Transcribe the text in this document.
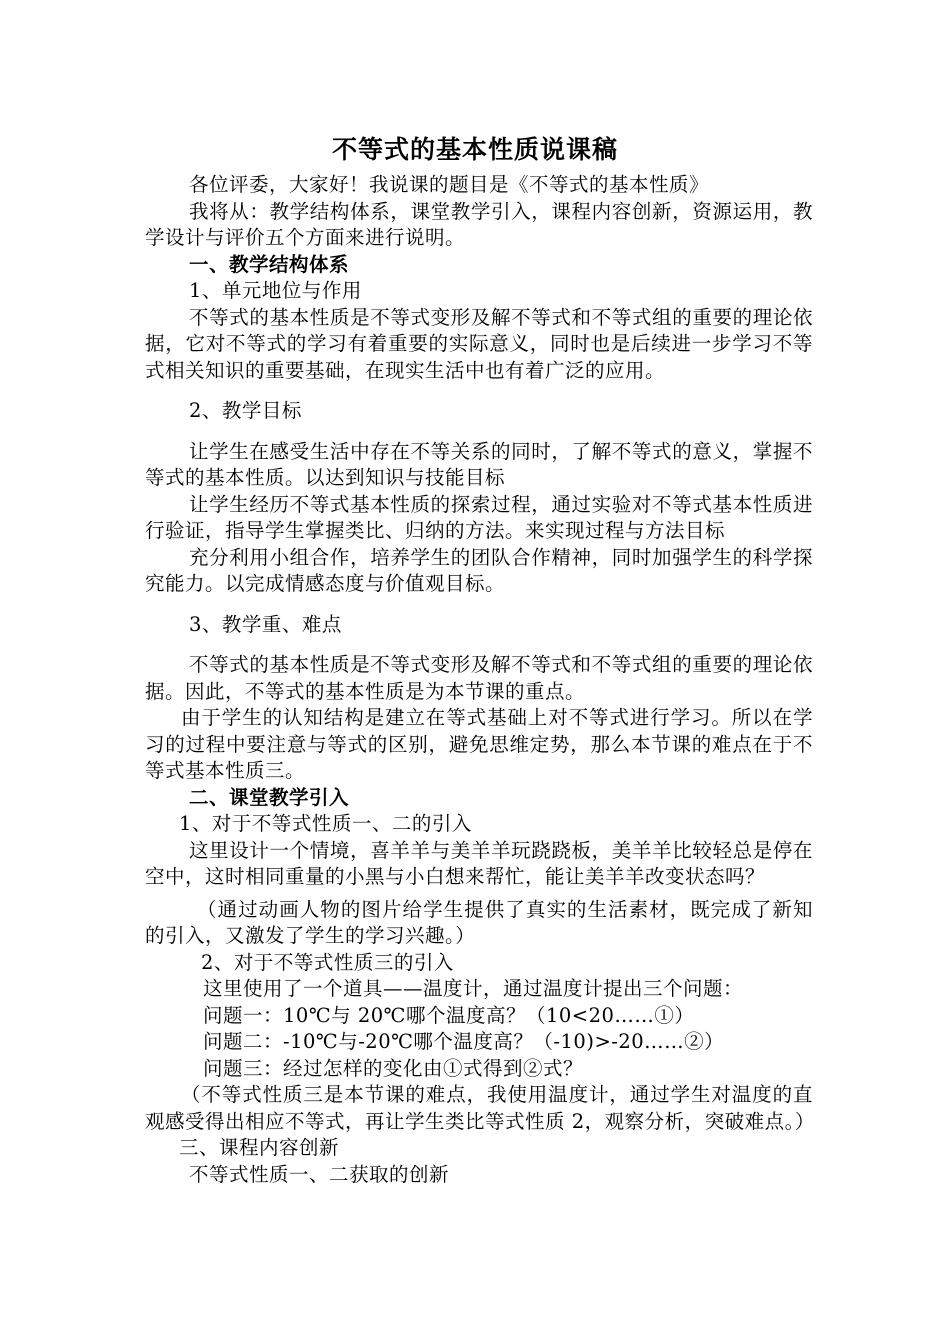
不等式的基本性质说课稿

各位评委，大家好！我说课的题目是《不等式的基本性质》

我将从：教学结构体系，课堂教学引入，课程内容创新，资源运用，教学设计与评价五个方面来进行说明。

一、教学结构体系

1、单元地位与作用

不等式的基本性质是不等式变形及解不等式和不等式组的重要的理论依据，它对不等式的学习有着重要的实际意义，同时也是后续进一步学习不等式相关知识的重要基础，在现实生活中也有着广泛的应用。

2、教学目标

让学生在感受生活中存在不等关系的同时，了解不等式的意义，掌握不等式的基本性质。以达到知识与技能目标

让学生经历不等式基本性质的探索过程，通过实验对不等式基本性质进行验证，指导学生掌握类比、归纳的方法。来实现过程与方法目标

充分利用小组合作，培养学生的团队合作精神，同时加强学生的科学探究能力。以完成情感态度与价值观目标。

3、教学重、难点

不等式的基本性质是不等式变形及解不等式和不等式组的重要的理论依据。因此，不等式的基本性质是为本节课的重点。

由于学生的认知结构是建立在等式基础上对不等式进行学习。所以在学习的过程中要注意与等式的区别，避免思维定势，那么本节课的难点在于不等式基本性质三。

二、课堂教学引入

1、对于不等式性质一、二的引入

这里设计一个情境，喜羊羊与美羊羊玩跷跷板，美羊羊比较轻总是停在空中，这时相同重量的小黑与小白想来帮忙，能让美羊羊改变状态吗？

（通过动画人物的图片给学生提供了真实的生活素材，既完成了新知的引入，又激发了学生的学习兴趣。）

2、对于不等式性质三的引入

这里使用了一个道具——温度计，通过温度计提出三个问题：

问题一：10℃与 20℃哪个温度高？（10<20……①）

问题二：-10℃与-20℃哪个温度高？（-10)>-20……②）

问题三：经过怎样的变化由①式得到②式？

（不等式性质三是本节课的难点，我使用温度计，通过学生对温度的直观感受得出相应不等式，再让学生类比等式性质 2，观察分析，突破难点。）

三、课程内容创新

不等式性质一、二获取的创新
